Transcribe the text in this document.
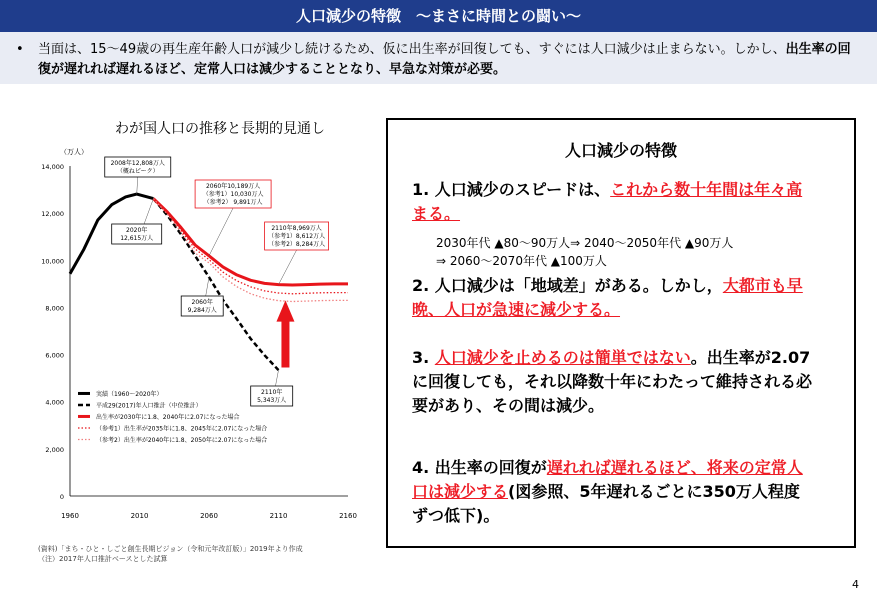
人口減少の特徴　〜まさに時間との闘い〜
• 当面は、15〜49歳の再生産年齢人口が減少し続けるため、仮に出生率が回復しても、すぐには人口減少は止まらない。しかし、出生率の回復が遅れれば遅れるほど、定常人口は減少することとなり、早急な対策が必要。
わが国人口の推移と長期的見通し
（万人）
0
2,000
4,000
6,000
8,000
10,000
12,000
14,000
1960	2010	2060	2110	2160
2008年12,808万人
（概ねピーク）
2020年
12,615万人
2060年10,189万人
（参考1）10,030万人
（参考2） 9,891万人
2110年8,969万人
（参考1）8,612万人
（参考2）8,284万人
2060年
9,284万人
2110年
5,343万人
実績（1960〜2020年）
平成29(2017)年人口推計（中位推計）
出生率が2030年に1.8、2040年に2.07になった場合
（参考1）出生率が2035年に1.8、2045年に2.07になった場合
（参考2）出生率が2040年に1.8、2050年に2.07になった場合
(資料)「まち・ひと・しごと創生長期ビジョン（令和元年改訂版）」2019年より作成
（注）2017年人口推計ベースとした試算
人口減少の特徴
1. 人口減少のスピードは、これから数十年間は年々高まる。
2030年代 ▲80〜90万人⇒ 2040〜2050年代 ▲90万人
⇒ 2060〜2070年代 ▲100万人
2. 人口減少は「地域差」がある。しかし，大都市も早晩、人口が急速に減少する。
3. 人口減少を止めるのは簡単ではない。出生率が2.07に回復しても，それ以降数十年にわたって維持される必要があり、その間は減少。
4. 出生率の回復が遅れれば遅れるほど、将来の定常人口は減少する(図参照、5年遅れるごとに350万人程度ずつ低下)。
4
